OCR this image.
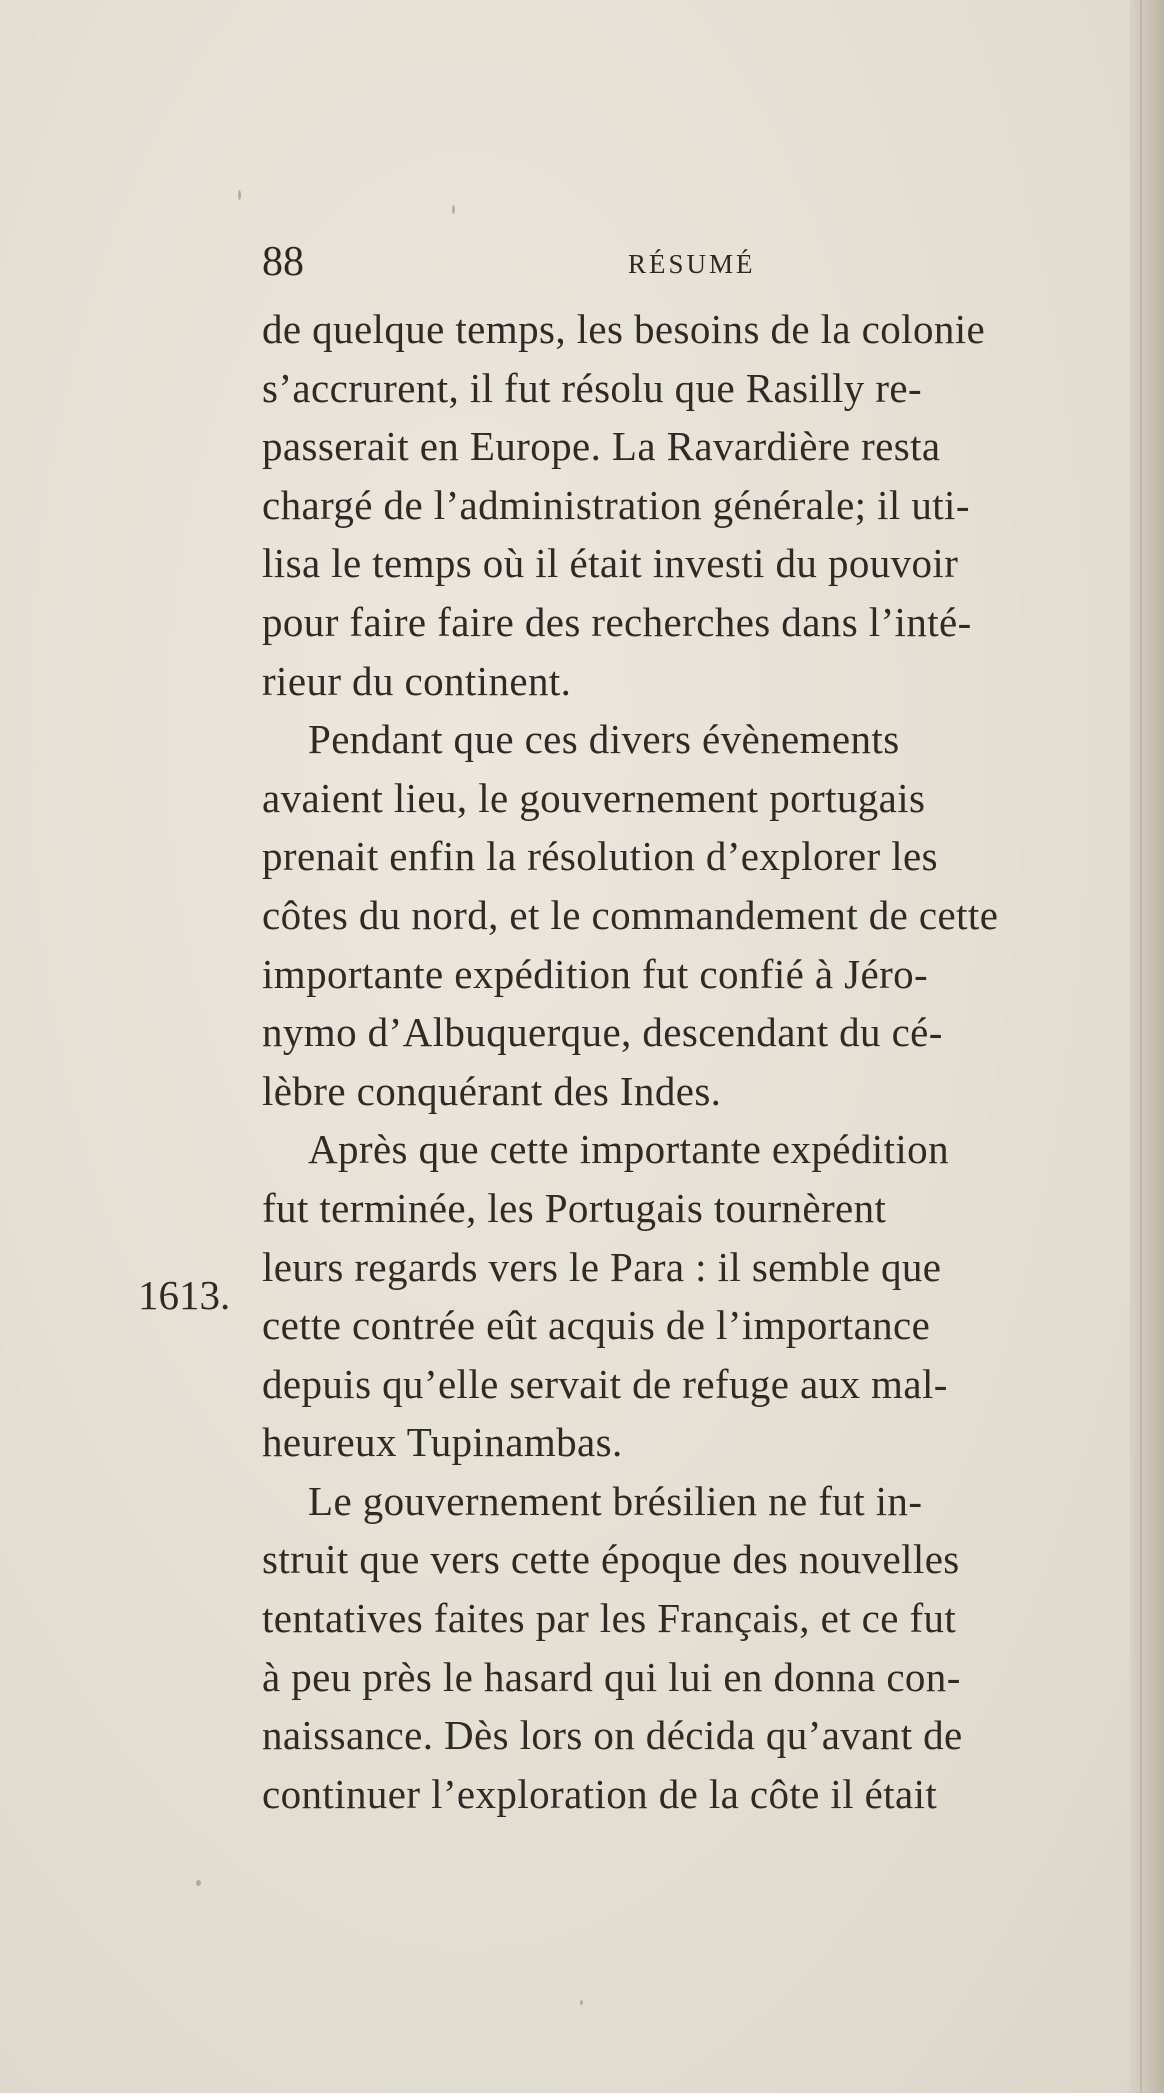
88	RÉSUMÉ
1613.
de quelque temps, les besoins de la colonie
s’accrurent, il fut résolu que Rasilly re-
passerait en Europe. La Ravardière resta
chargé de l’administration générale; il uti-
lisa le temps où il était investi du pouvoir
pour faire faire des recherches dans l’inté-
rieur du continent.
Pendant que ces divers évènements
avaient lieu, le gouvernement portugais
prenait enfin la résolution d’explorer les
côtes du nord, et le commandement de cette
importante expédition fut confié à Jéro-
nymo d’Albuquerque, descendant du cé-
lèbre conquérant des Indes.
Après que cette importante expédition
fut terminée, les Portugais tournèrent
leurs regards vers le Para : il semble que
cette contrée eût acquis de l’importance
depuis qu’elle servait de refuge aux mal-
heureux Tupinambas.
Le gouvernement brésilien ne fut in-
struit que vers cette époque des nouvelles
tentatives faites par les Français, et ce fut
à peu près le hasard qui lui en donna con-
naissance. Dès lors on décida qu’avant de
continuer l’exploration de la côte il était
